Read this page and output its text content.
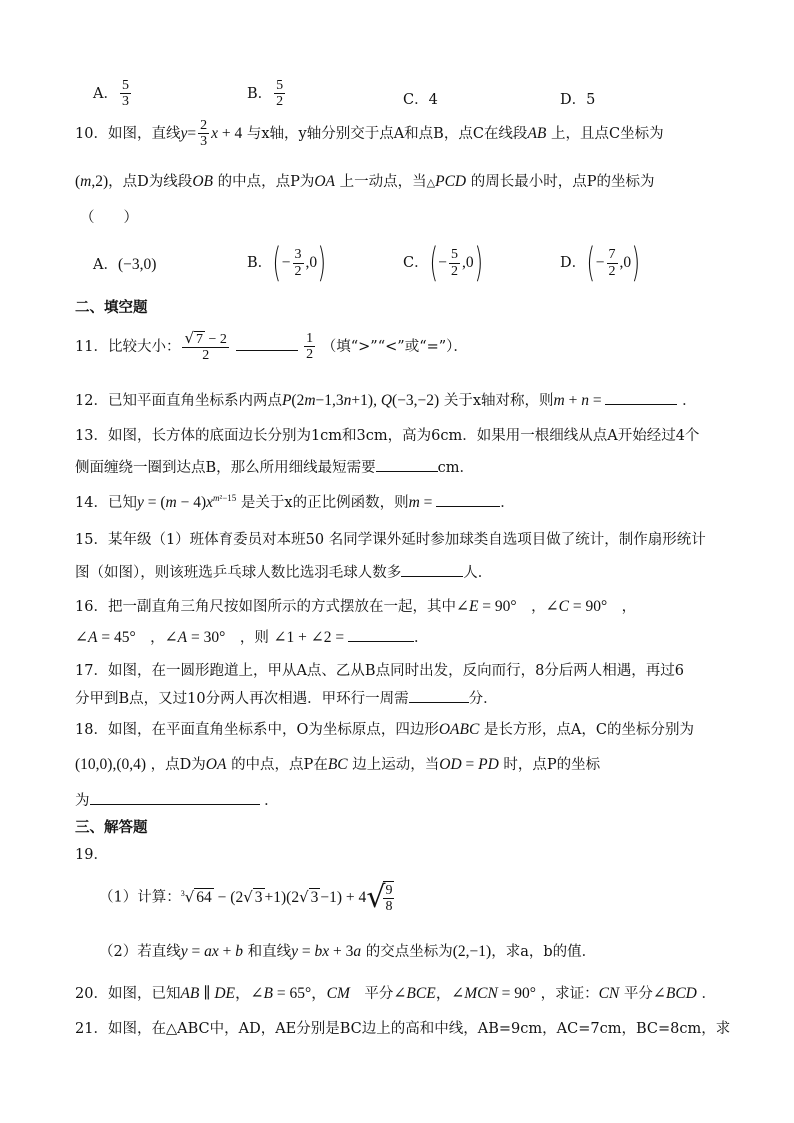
A． $\frac{5}{3}$	B． $\frac{5}{2}$	C．4	D．5
10．如图，直线$y= \frac{2}{3}$ x + 4 与x轴，y轴分别交于点A和点B，点C在线段AB 上，且点C坐标为
(m,2)，点D为线段OB 的中点，点P为OA 上一动点，当△PCD 的周长最小时，点P的坐标为
（　　）
A．(−3,0)	B．(− $\frac{3}{2} ,0$)	C．(− $\frac{5}{2} ,0$)	D．(− $\frac{7}{2} ,0$)
二、填空题
11．比较大小： $\frac{√ 7 - 2}{2}$
	$\frac{1}{2}$ （填“>”“<”或“=”）．
12．已知平面直角坐标系内两点P(2m−1,3n+1), Q(−3,−2) 关于x轴对称，则m + n =	．
13．如图，长方体的底面边长分别为1cm和3cm，高为6cm．如果用一根细线从点A开始经过4个
侧面缠绕一圈到达点B，那么所用细线最短需要	cm．
14．已知$y = (m - 4)x^{m^2-15}$ 是关于x的正比例函数，则m =	．
15．某年级（1）班体育委员对本班50 名同学课外延时参加球类自选项目做了统计，制作扇形统计
图（如图），则该班选乒乓球人数比选羽毛球人数多	人．
16．把一副直角三角尺按如图所示的方式摆放在一起，其中∠E = 90°　 ，∠C = 90°　 ，
∠A = 45°　 ，∠A = 30°　 ，则 ∠1 + ∠2 =	．
17．如图，在一圆形跑道上，甲从A点、乙从B点同时出发，反向而行，8分后两人相遇，再过6
分甲到B点，又过10分两人再次相遇．甲环行一周需	分．
18．如图，在平面直角坐标系中，O为坐标原点，四边形OABC 是长方形，点A，C的坐标分别为
(10,0),(0,4) ，点D为OA 的中点，点P在BC 边上运动，当OD = PD 时，点P的坐标
为	．
三、解答题
19．
（1）计算：$^3$√ 64 − (2√ 3 +1)(2√ 3 −1) + 4√
$\frac{9}{8}$
（2）若直线y = ax + b 和直线y = bx + 3a 的交点坐标为(2,−1)，求a，b的值．
20．如图，已知AB ∥ DE，∠B = 65°，CM　 平分∠BCE，∠MCN = 90° ，求证：CN 平分∠BCD ．
21．如图，在△ABC中，AD，AE分别是BC边上的高和中线，AB=9cm，AC=7cm，BC=8cm，求
